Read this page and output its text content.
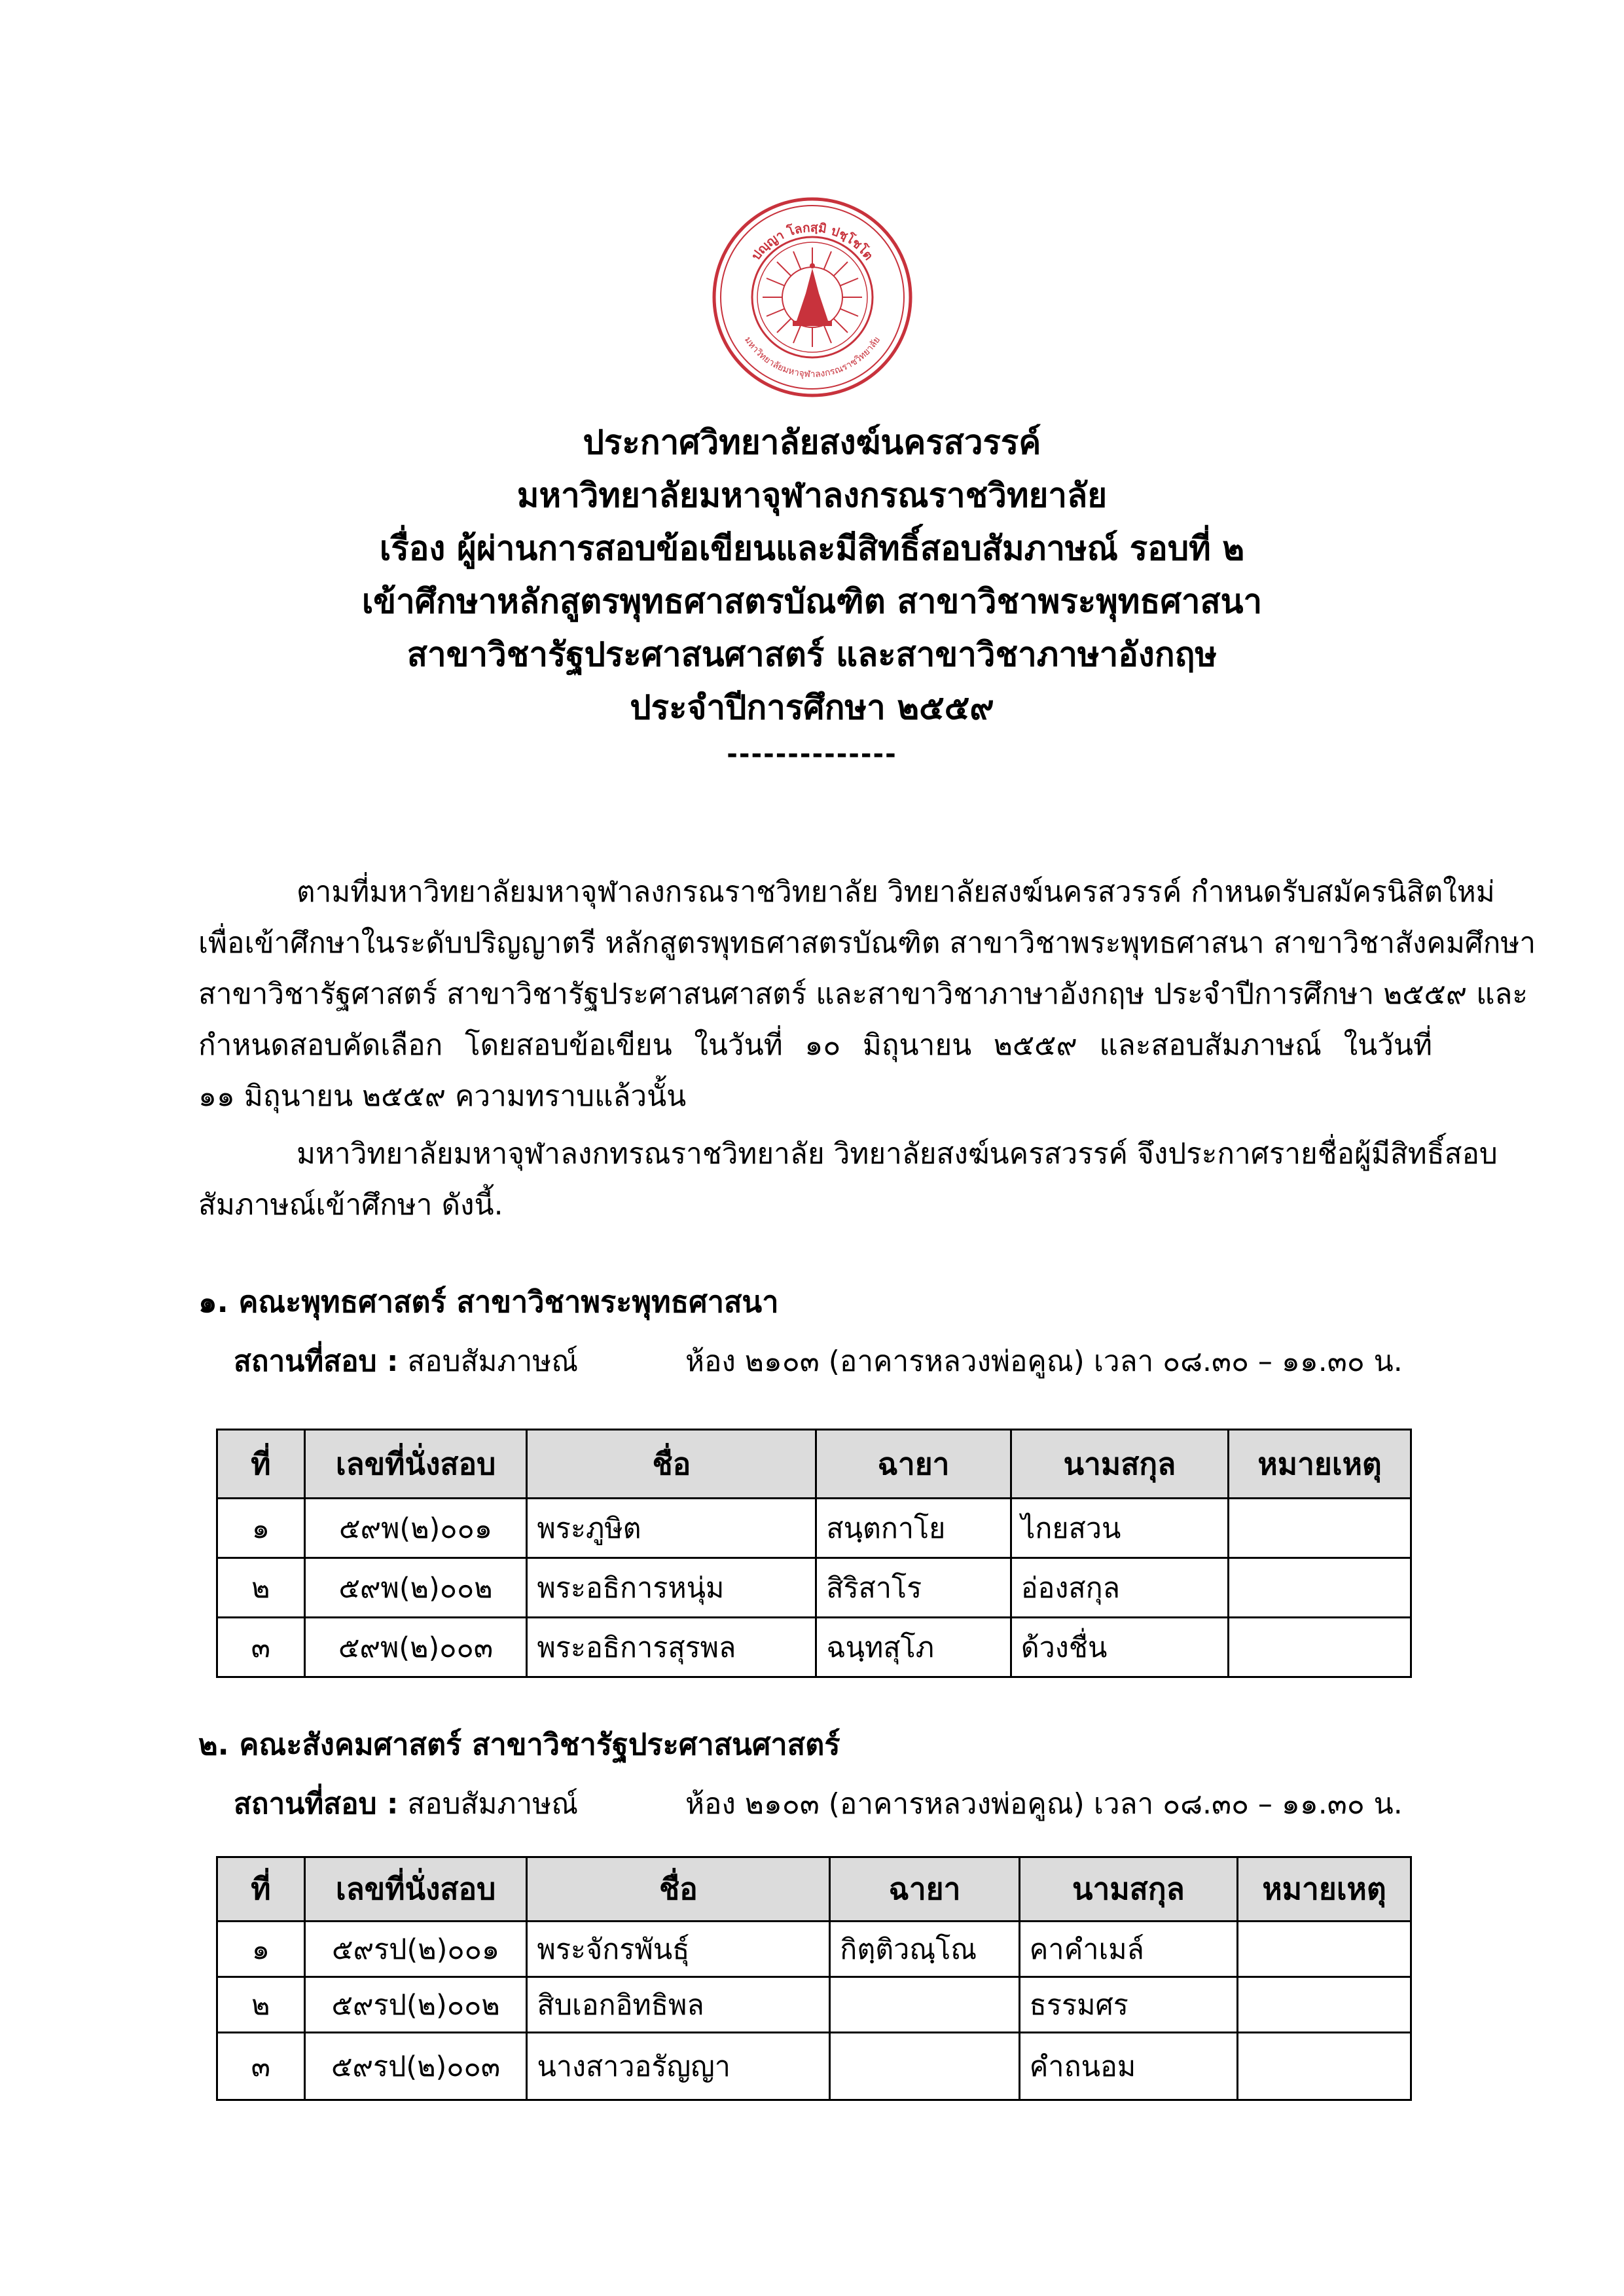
ปญฺญา โลกสฺมิ ปชฺโชโต
มหาวิทยาลัยมหาจุฬาลงกรณราชวิทยาลัย
ประกาศวิทยาลัยสงฆ์นครสวรรค์
มหาวิทยาลัยมหาจุฬาลงกรณราชวิทยาลัย
เรื่อง ผู้ผ่านการสอบข้อเขียนและมีสิทธิ์สอบสัมภาษณ์ รอบที่ ๒
เข้าศึกษาหลักสูตรพุทธศาสตรบัณฑิต สาขาวิชาพระพุทธศาสนา
สาขาวิชารัฐประศาสนศาสตร์ และสาขาวิชาภาษาอังกฤษ
ประจำปีการศึกษา ๒๕๕๙
--------------
ตามที่มหาวิทยาลัยมหาจุฬาลงกรณราชวิทยาลัย วิทยาลัยสงฆ์นครสวรรค์ กำหนดรับสมัครนิสิตใหม่
เพื่อเข้าศึกษาในระดับปริญญาตรี หลักสูตรพุทธศาสตรบัณฑิต สาขาวิชาพระพุทธศาสนา สาขาวิชาสังคมศึกษา
สาขาวิชารัฐศาสตร์ สาขาวิชารัฐประศาสนศาสตร์ และสาขาวิชาภาษาอังกฤษ ประจำปีการศึกษา ๒๕๕๙ และ
กำหนดสอบคัดเลือก โดยสอบข้อเขียน ในวันที่ ๑๐ มิถุนายน ๒๕๕๙ และสอบสัมภาษณ์ ในวันที่
๑๑ มิถุนายน ๒๕๕๙ ความทราบแล้วนั้น
มหาวิทยาลัยมหาจุฬาลงกทรณราชวิทยาลัย วิทยาลัยสงฆ์นครสวรรค์ จึงประกาศรายชื่อผู้มีสิทธิ์สอบ
สัมภาษณ์เข้าศึกษา ดังนี้.
๑. คณะพุทธศาสตร์ สาขาวิชาพระพุทธศาสนา
สถานที่สอบ : สอบสัมภาษณ์	ห้อง ๒๑๐๓ (อาคารหลวงพ่อคูณ) เวลา ๐๘.๓๐ – ๑๑.๓๐ น.
ที่	เลขที่นั่งสอบ	ชื่อ	ฉายา	นามสกุล	หมายเหตุ
๑	๕๙พ(๒)๐๐๑	พระภูษิต	สนฺตกาโย	ไกยสวน	
๒	๕๙พ(๒)๐๐๒	พระอธิการหนุ่ม	สิริสาโร	อ่องสกุล	
๓	๕๙พ(๒)๐๐๓	พระอธิการสุรพล	ฉนฺทสุโภ	ด้วงชื่น	
๒. คณะสังคมศาสตร์ สาขาวิชารัฐประศาสนศาสตร์
สถานที่สอบ : สอบสัมภาษณ์	ห้อง ๒๑๐๓ (อาคารหลวงพ่อคูณ) เวลา ๐๘.๓๐ – ๑๑.๓๐ น.
ที่	เลขที่นั่งสอบ	ชื่อ	ฉายา	นามสกุล	หมายเหตุ
๑	๕๙รป(๒)๐๐๑	พระจักรพันธุ์	กิตฺติวณฺโณ	คาคำเมล์	
๒	๕๙รป(๒)๐๐๒	สิบเอกอิทธิพล		ธรรมศร	
๓	๕๙รป(๒)๐๐๓	นางสาวอรัญญา		คำถนอม	
